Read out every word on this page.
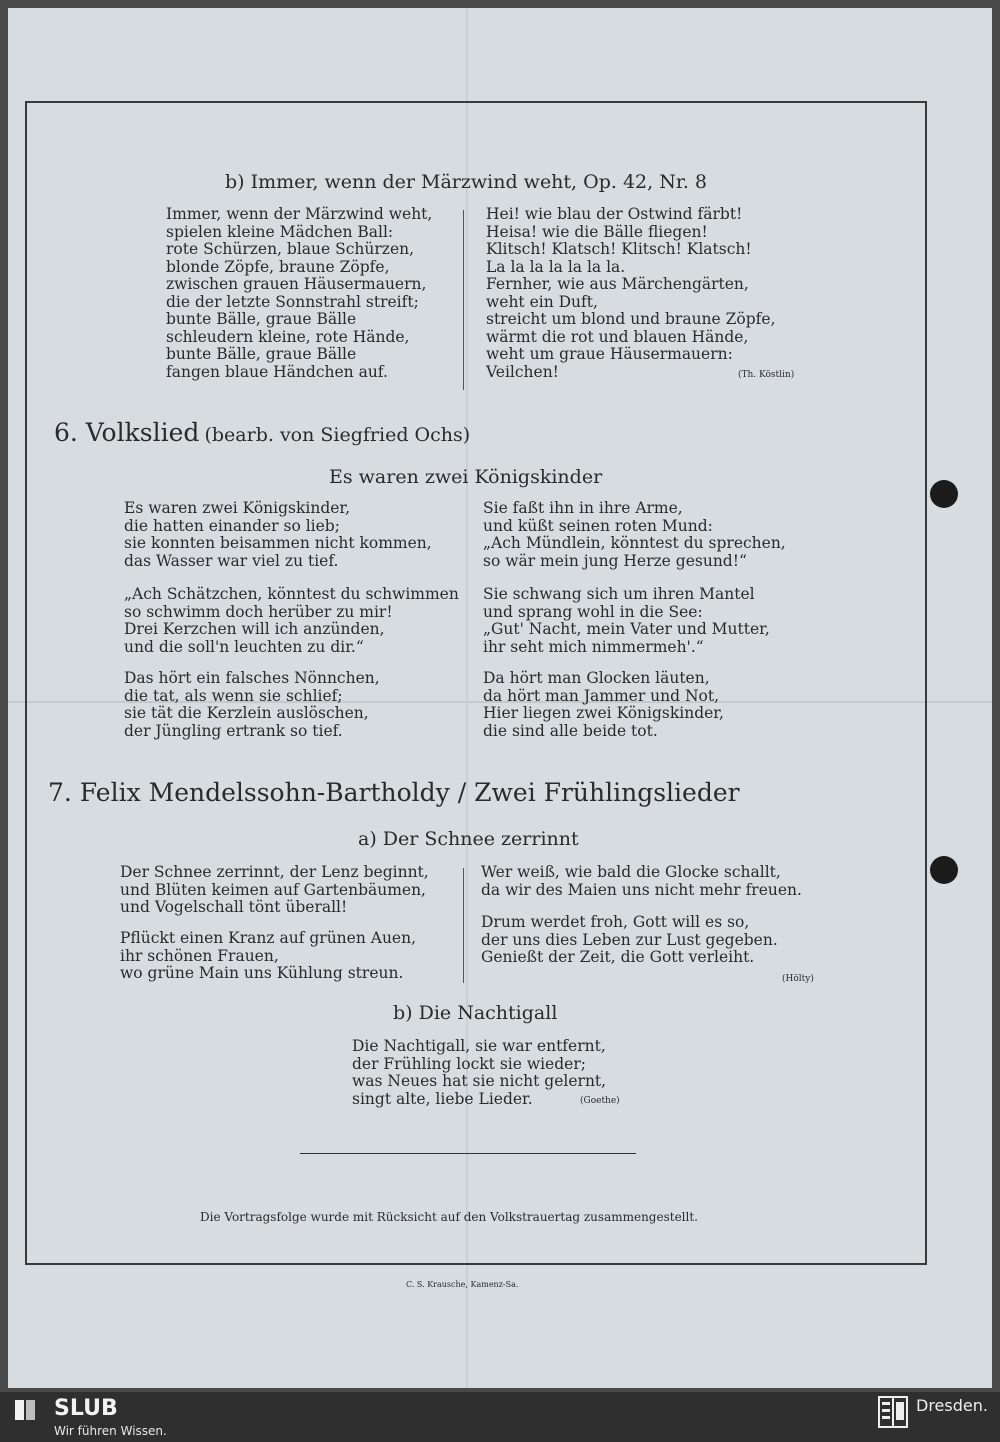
b) Immer, wenn der Märzwind weht, Op. 42, Nr. 8
Immer, wenn der Märzwind weht,
spielen kleine Mädchen Ball:
rote Schürzen, blaue Schürzen,
blonde Zöpfe, braune Zöpfe,
zwischen grauen Häusermauern,
die der letzte Sonnstrahl streift;
bunte Bälle, graue Bälle
schleudern kleine, rote Hände,
bunte Bälle, graue Bälle
fangen blaue Händchen auf.
Hei! wie blau der Ostwind färbt!
Heisa! wie die Bälle fliegen!
Klitsch! Klatsch! Klitsch! Klatsch!
La la la la la la la.
Fernher, wie aus Märchengärten,
weht ein Duft,
streicht um blond und braune Zöpfe,
wärmt die rot und blauen Hände,
weht um graue Häusermauern:
Veilchen!	(Th. Köstlin)
6. Volkslied (bearb. von Siegfried Ochs)
Es waren zwei Königskinder
Es waren zwei Königskinder,
die hatten einander so lieb;
sie konnten beisammen nicht kommen,
das Wasser war viel zu tief.
„Ach Schätzchen, könntest du schwimmen
so schwimm doch herüber zu mir!
Drei Kerzchen will ich anzünden,
und die soll'n leuchten zu dir.“
Das hört ein falsches Nönnchen,
die tat, als wenn sie schlief;
sie tät die Kerzlein auslöschen,
der Jüngling ertrank so tief.
Sie faßt ihn in ihre Arme,
und küßt seinen roten Mund:
„Ach Mündlein, könntest du sprechen,
so wär mein jung Herze gesund!“
Sie schwang sich um ihren Mantel
und sprang wohl in die See:
„Gut' Nacht, mein Vater und Mutter,
ihr seht mich nimmermeh'.“
Da hört man Glocken läuten,
da hört man Jammer und Not,
Hier liegen zwei Königskinder,
die sind alle beide tot.
7. Felix Mendelssohn-Bartholdy / Zwei Frühlingslieder
a) Der Schnee zerrinnt
Der Schnee zerrinnt, der Lenz beginnt,
und Blüten keimen auf Gartenbäumen,
und Vogelschall tönt überall!
Pflückt einen Kranz auf grünen Auen,
ihr schönen Frauen,
wo grüne Main uns Kühlung streun.
Wer weiß, wie bald die Glocke schallt,
da wir des Maien uns nicht mehr freuen.
Drum werdet froh, Gott will es so,
der uns dies Leben zur Lust gegeben.
Genießt der Zeit, die Gott verleiht.
(Hölty)
b) Die Nachtigall
Die Nachtigall, sie war entfernt,
der Frühling lockt sie wieder;
was Neues hat sie nicht gelernt,
singt alte, liebe Lieder.	(Goethe)
Die Vortragsfolge wurde mit Rücksicht auf den Volkstrauertag zusammengestellt.
C. S. Krausche, Kamenz-Sa.
SLUB
Wir führen Wissen.
Dresden.
